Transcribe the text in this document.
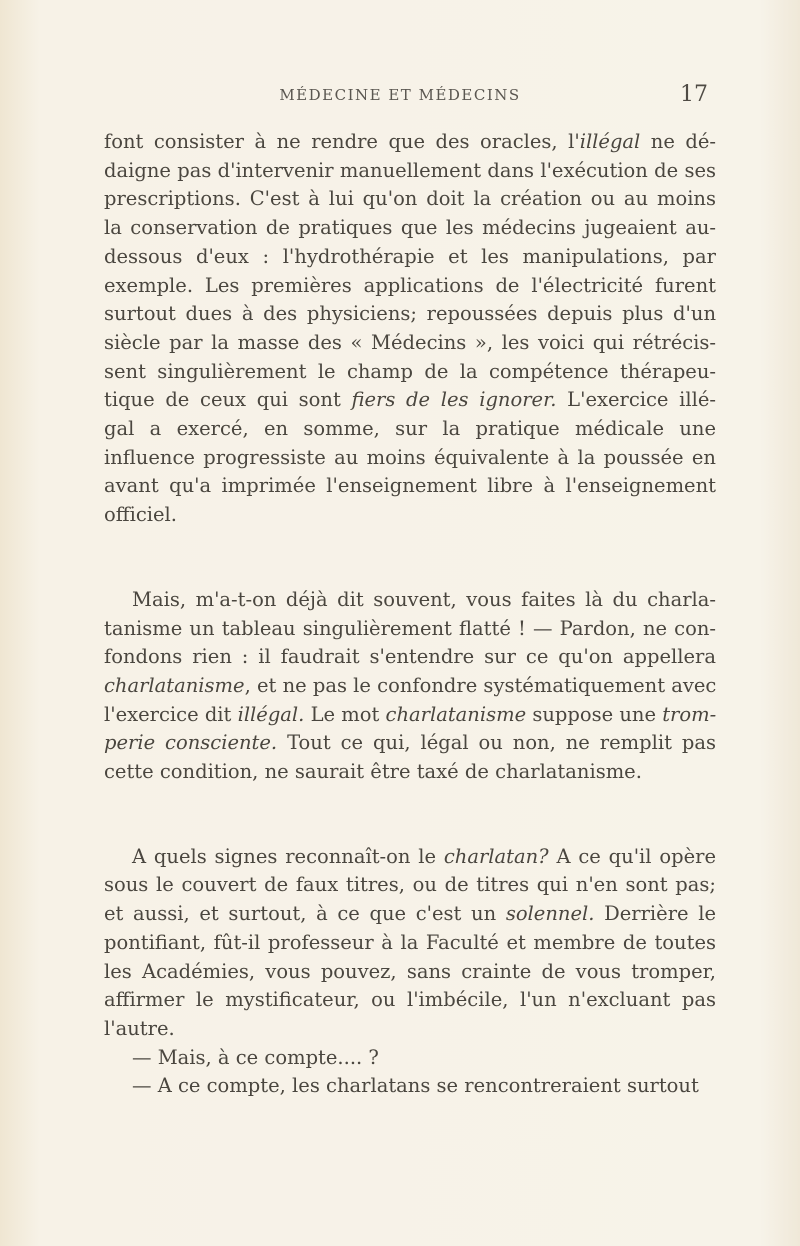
MÉDECINE ET MÉDECINS	17
font consister à ne rendre que des oracles, l'illégal ne dé-
daigne pas d'intervenir manuellement dans l'exécution de ses
prescriptions. C'est à lui qu'on doit la création ou au moins
la conservation de pratiques que les médecins jugeaient au-
dessous d'eux : l'hydrothérapie et les manipulations, par
exemple. Les premières applications de l'électricité furent
surtout dues à des physiciens; repoussées depuis plus d'un
siècle par la masse des « Médecins », les voici qui rétrécis-
sent singulièrement le champ de la compétence thérapeu-
tique de ceux qui sont fiers de les ignorer. L'exercice illé-
gal a exercé, en somme, sur la pratique médicale une
influence progressiste au moins équivalente à la poussée en
avant qu'a imprimée l'enseignement libre à l'enseignement
officiel.
Mais, m'a-t-on déjà dit souvent, vous faites là du charla-
tanisme un tableau singulièrement flatté ! — Pardon, ne con-
fondons rien : il faudrait s'entendre sur ce qu'on appellera
charlatanisme, et ne pas le confondre systématiquement avec
l'exercice dit illégal. Le mot charlatanisme suppose une trom-
perie consciente. Tout ce qui, légal ou non, ne remplit pas
cette condition, ne saurait être taxé de charlatanisme.
A quels signes reconnaît-on le charlatan? A ce qu'il opère
sous le couvert de faux titres, ou de titres qui n'en sont pas;
et aussi, et surtout, à ce que c'est un solennel. Derrière le
pontifiant, fût-il professeur à la Faculté et membre de toutes
les Académies, vous pouvez, sans crainte de vous tromper,
affirmer le mystificateur, ou l'imbécile, l'un n'excluant pas
l'autre.
— Mais, à ce compte.... ?
— A ce compte, les charlatans se rencontreraient surtout
